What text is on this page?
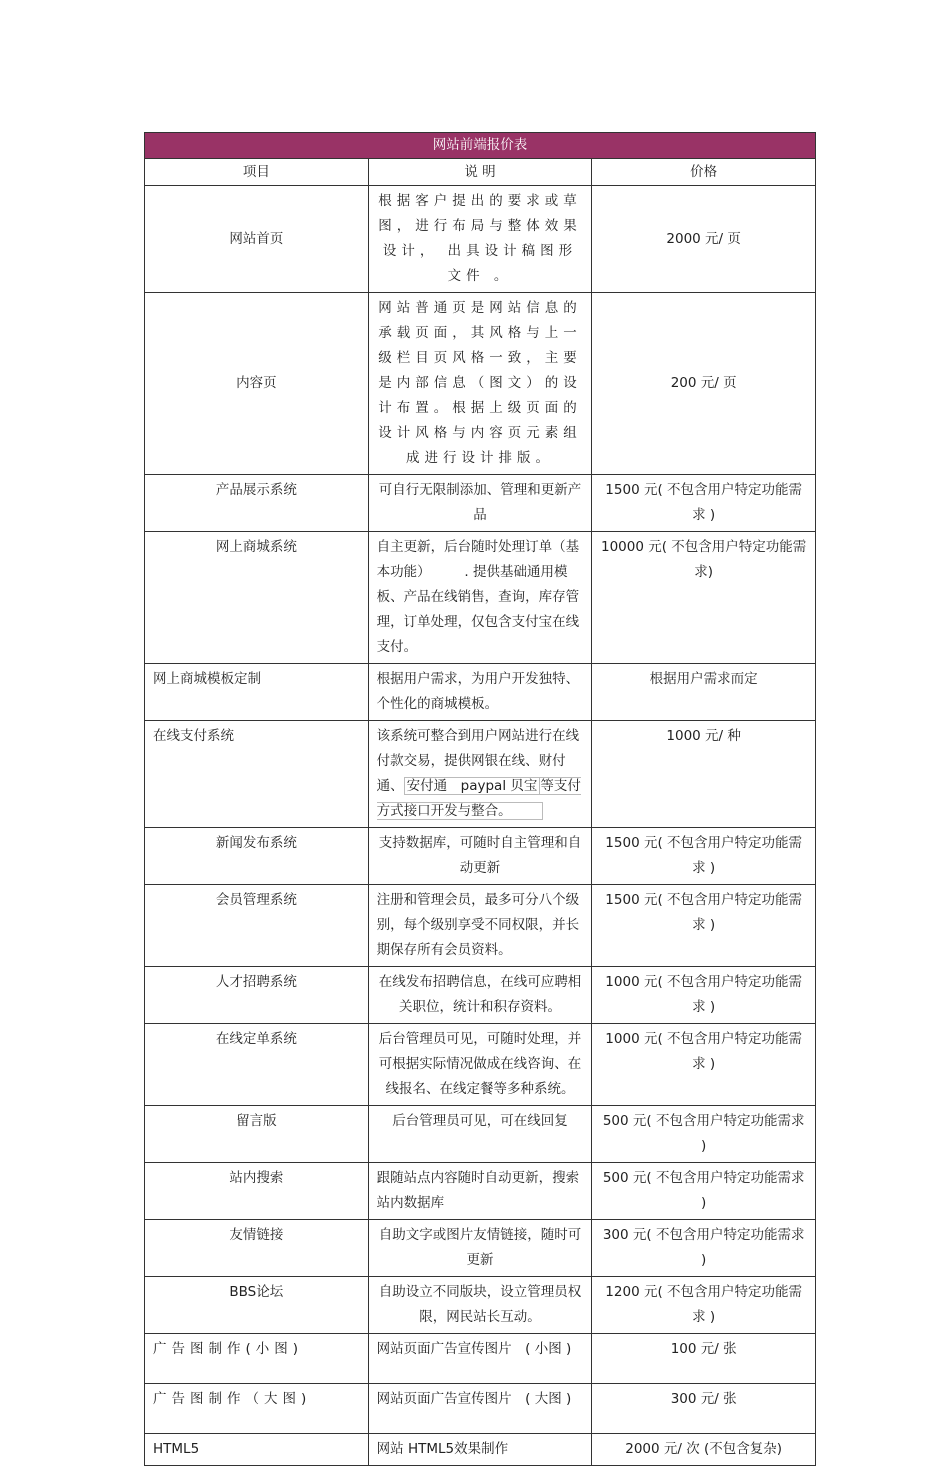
网站前端报价表		
项目	说 明	价格
网站首页	根据客户提出的要求或草图，进行布局与整体效果设计， 出具设计稿图形文件 。	2000 元/ 页
内容页	网站普通页是网站信息的承载页面，其风格与上一级栏目页风格一致，主要是内部信息（图文）的设计布置。根据上级页面的设计风格与内容页元素组成进行设计排版。	200 元/ 页
产品展示系统	可自行无限制添加、管理和更新产品	1500 元( 不包含用户特定功能需求 )
网上商城系统	自主更新，后台随时处理订单（基本功能）　　　. 提供基础通用模板、产品在线销售，查询，库存管理，订单处理，仅包含支付宝在线支付。	10000 元( 不包含用户特定功能需求)
网上商城模板定制	根据用户需求，为用户开发独特、个性化的商城模板。	根据用户需求而定
在线支付系统	该系统可整合到用户网站进行在线付款交易，提供网银在线、财付通、 安付通　paypal 贝宝 等支付方式接口开发与整合。	1000 元/ 种
新闻发布系统	支持数据库，可随时自主管理和自动更新	1500 元( 不包含用户特定功能需求 )
会员管理系统	注册和管理会员，最多可分八个级别，每个级别享受不同权限，并长期保存所有会员资料。	1500 元( 不包含用户特定功能需求 )
人才招聘系统	在线发布招聘信息，在线可应聘相关职位，统计和积存资料。	1000 元( 不包含用户特定功能需求 )
在线定单系统	后台管理员可见，可随时处理，并可根据实际情况做成在线咨询、在线报名、在线定餐等多种系统。	1000 元( 不包含用户特定功能需求 )
留言版	后台管理员可见，可在线回复	500 元( 不包含用户特定功能需求 )
站内搜索	跟随站点内容随时自动更新，搜索站内数据库	500 元( 不包含用户特定功能需求 )
友情链接	自助文字或图片友情链接，随时可更新	300 元( 不包含用户特定功能需求 )
BBS论坛	自助设立不同版块，设立管理员权限，网民站长互动。	1200 元( 不包含用户特定功能需求 )
广告图制作(小图)	网站页面广告宣传图片　( 小图 )	100 元/ 张
广告图制作（大图)	网站页面广告宣传图片　( 大图 )	300 元/ 张
HTML5	网站 HTML5效果制作	2000 元/ 次 (不包含复杂)
